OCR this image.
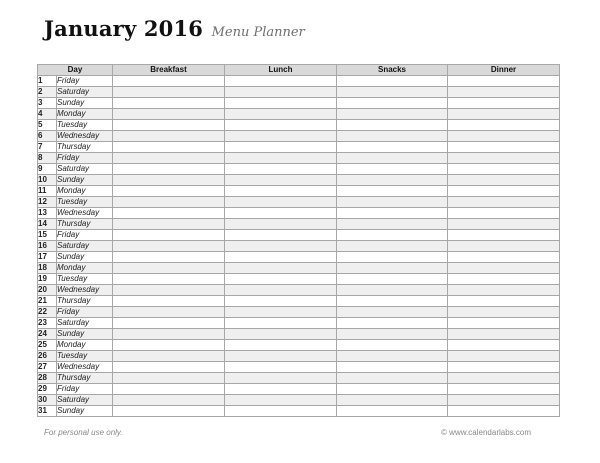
January 2016 Menu Planner
Day		Breakfast	Lunch	Snacks	Dinner
1	Friday				
2	Saturday				
3	Sunday				
4	Monday				
5	Tuesday				
6	Wednesday				
7	Thursday				
8	Friday				
9	Saturday				
10	Sunday				
11	Monday				
12	Tuesday				
13	Wednesday				
14	Thursday				
15	Friday				
16	Saturday				
17	Sunday				
18	Monday				
19	Tuesday				
20	Wednesday				
21	Thursday				
22	Friday				
23	Saturday				
24	Sunday				
25	Monday				
26	Tuesday				
27	Wednesday				
28	Thursday				
29	Friday				
30	Saturday				
31	Sunday				
For personal use only.	© www.calendarlabs.com
